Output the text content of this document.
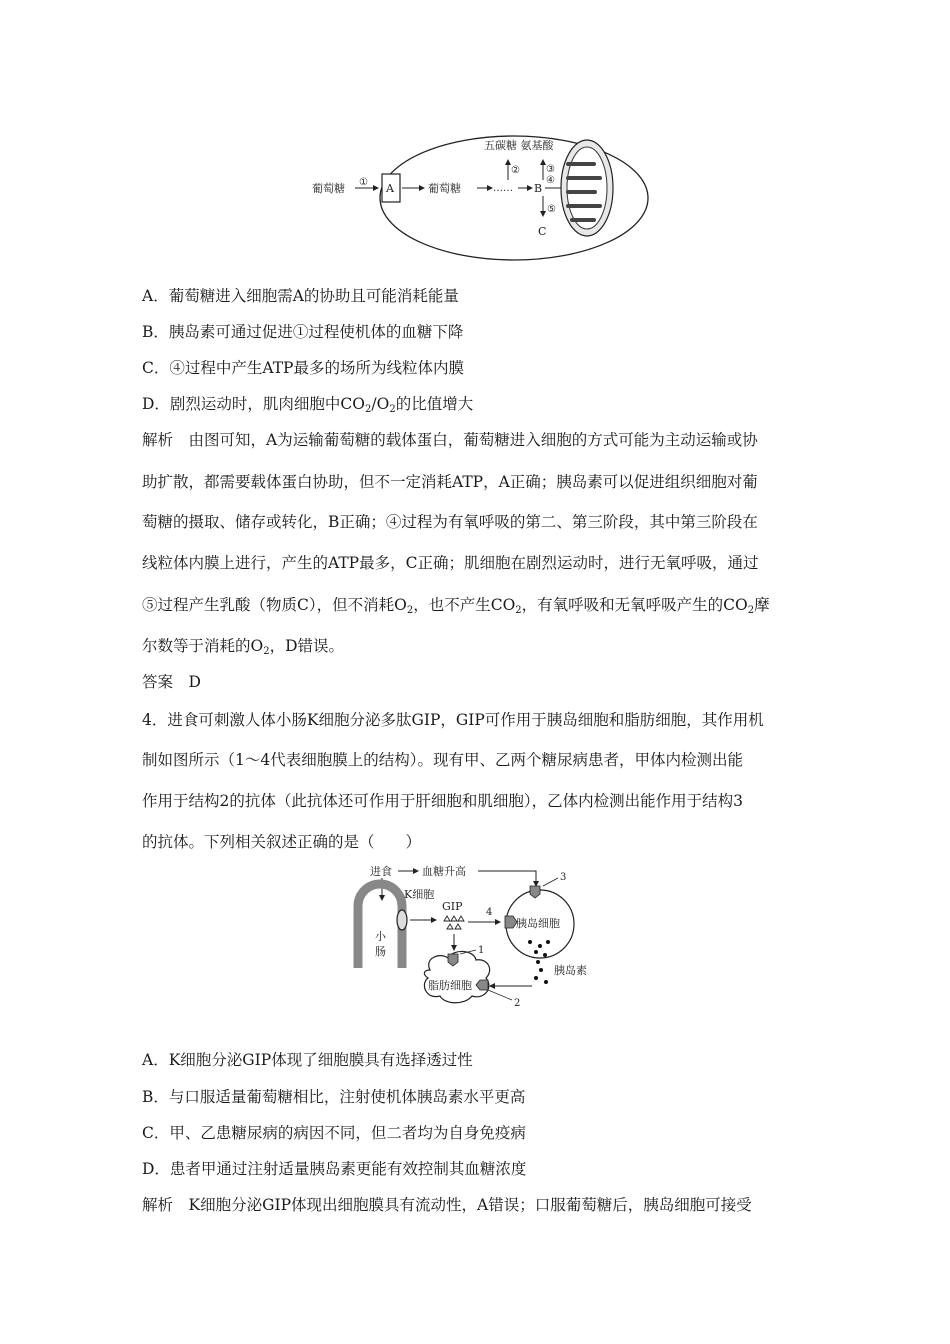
葡萄糖 ① A	葡萄糖	…… B
五碳糖 氨基酸
②	③
④
⑤
C
A．葡萄糖进入细胞需A的协助且可能消耗能量
B．胰岛素可通过促进①过程使机体的血糖下降
C．④过程中产生ATP最多的场所为线粒体内膜
D．剧烈运动时，肌肉细胞中$CO_2/O_2$的比值增大
解析　由图可知，A为运输葡萄糖的载体蛋白，葡萄糖进入细胞的方式可能为主动运输或协
助扩散，都需要载体蛋白协助，但不一定消耗ATP，A正确；胰岛素可以促进组织细胞对葡
萄糖的摄取、储存或转化，B正确；④过程为有氧呼吸的第二、第三阶段，其中第三阶段在
线粒体内膜上进行，产生的ATP最多，C正确；肌细胞在剧烈运动时，进行无氧呼吸，通过
⑤过程产生乳酸（物质C），但不消耗$O_2$，也不产生$CO_2$，有氧呼吸和无氧呼吸产生的$CO_2$摩
尔数等于消耗的$O_2$，D错误。
答案　D
4．进食可刺激人体小肠K细胞分泌多肽GIP，GIP可作用于胰岛细胞和脂肪细胞，其作用机
制如图所示（1～4代表细胞膜上的结构）。现有甲、乙两个糖尿病患者，甲体内检测出能
作用于结构2的抗体（此抗体还可作用于肝细胞和肌细胞），乙体内检测出能作用于结构3
的抗体。下列相关叙述正确的是（　　）
进食	血糖升高
小
肠
K细胞
GIP 4
3
胰岛细胞
胰岛素
1
2
脂肪细胞
A．K细胞分泌GIP体现了细胞膜具有选择透过性
B．与口服适量葡萄糖相比，注射使机体胰岛素水平更高
C．甲、乙患糖尿病的病因不同，但二者均为自身免疫病
D．患者甲通过注射适量胰岛素更能有效控制其血糖浓度
解析　K细胞分泌GIP体现出细胞膜具有流动性，A错误；口服葡萄糖后，胰岛细胞可接受
